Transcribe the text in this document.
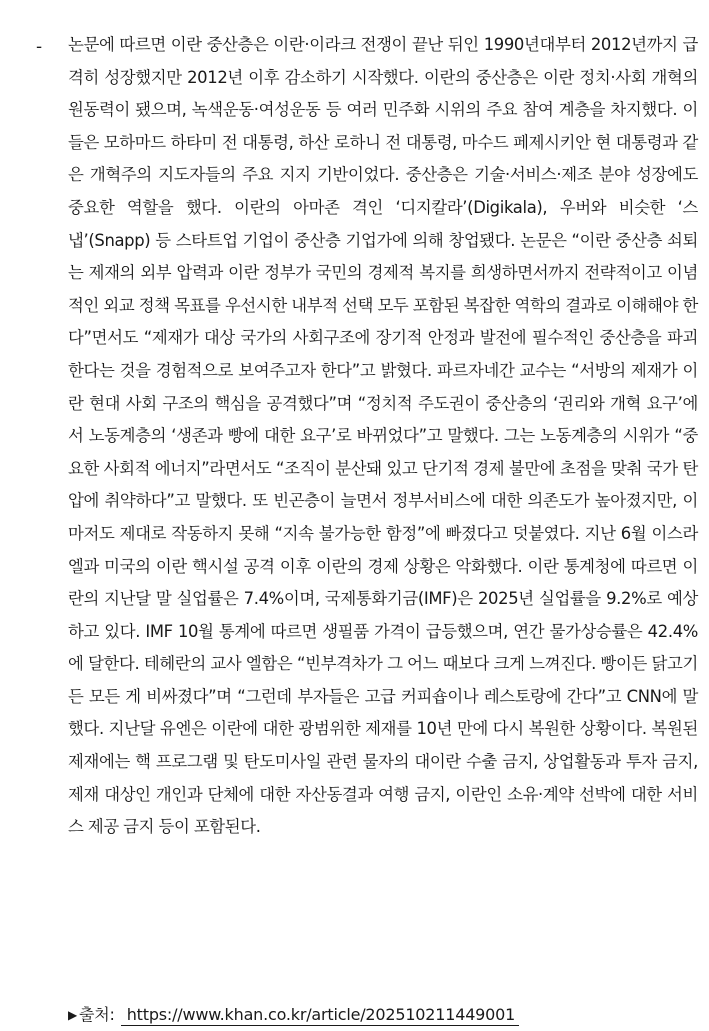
- 논문에 따르면 이란 중산층은 이란·이라크 전쟁이 끝난 뒤인 1990년대부터 2012년까지 급격히 성장했지만 2012년 이후 감소하기 시작했다. 이란의 중산층은 이란 정치·사회 개혁의 원동력이 됐으며, 녹색운동·여성운동 등 여러 민주화 시위의 주요 참여 계층을 차지했다. 이들은 모하마드 하타미 전 대통령, 하산 로하니 전 대통령, 마수드 페제시키안 현 대통령과 같은 개혁주의 지도자들의 주요 지지 기반이었다. 중산층은 기술·서비스·제조 분야 성장에도 중요한 역할을 했다. 이란의 아마존 격인 ‘디지칼라’(Digikala), 우버와 비슷한 ‘스냅’(Snapp) 등 스타트업 기업이 중산층 기업가에 의해 창업됐다. 논문은 “이란 중산층 쇠퇴는 제재의 외부 압력과 이란 정부가 국민의 경제적 복지를 희생하면서까지 전략적이고 이념적인 외교 정책 목표를 우선시한 내부적 선택 모두 포함된 복잡한 역학의 결과로 이해해야 한다”면서도 “제재가 대상 국가의 사회구조에 장기적 안정과 발전에 필수적인 중산층을 파괴한다는 것을 경험적으로 보여주고자 한다”고 밝혔다. 파르자네간 교수는 “서방의 제재가 이란 현대 사회 구조의 핵심을 공격했다”며 “정치적 주도권이 중산층의 ‘권리와 개혁 요구’에서 노동계층의 ‘생존과 빵에 대한 요구’로 바뀌었다”고 말했다. 그는 노동계층의 시위가 “중요한 사회적 에너지”라면서도 “조직이 분산돼 있고 단기적 경제 불만에 초점을 맞춰 국가 탄압에 취약하다”고 말했다. 또 빈곤층이 늘면서 정부서비스에 대한 의존도가 높아졌지만, 이마저도 제대로 작동하지 못해 “지속 불가능한 함정”에 빠졌다고 덧붙였다. 지난 6월 이스라엘과 미국의 이란 핵시설 공격 이후 이란의 경제 상황은 악화했다. 이란 통계청에 따르면 이란의 지난달 말 실업률은 7.4%이며, 국제통화기금(IMF)은 2025년 실업률을 9.2%로 예상하고 있다. IMF 10월 통계에 따르면 생필품 가격이 급등했으며, 연간 물가상승률은 42.4%에 달한다. 테헤란의 교사 엘함은 “빈부격차가 그 어느 때보다 크게 느껴진다. 빵이든 닭고기든 모든 게 비싸졌다”며 “그런데 부자들은 고급 커피숍이나 레스토랑에 간다”고 CNN에 말했다. 지난달 유엔은 이란에 대한 광범위한 제재를 10년 만에 다시 복원한 상황이다. 복원된 제재에는 핵 프로그램 및 탄도미사일 관련 물자의 대이란 수출 금지, 상업활동과 투자 금지, 제재 대상인 개인과 단체에 대한 자산동결과 여행 금지, 이란인 소유·계약 선박에 대한 서비스 제공 금지 등이 포함된다.

▶ 출처: https://www.khan.co.kr/article/202510211449001
